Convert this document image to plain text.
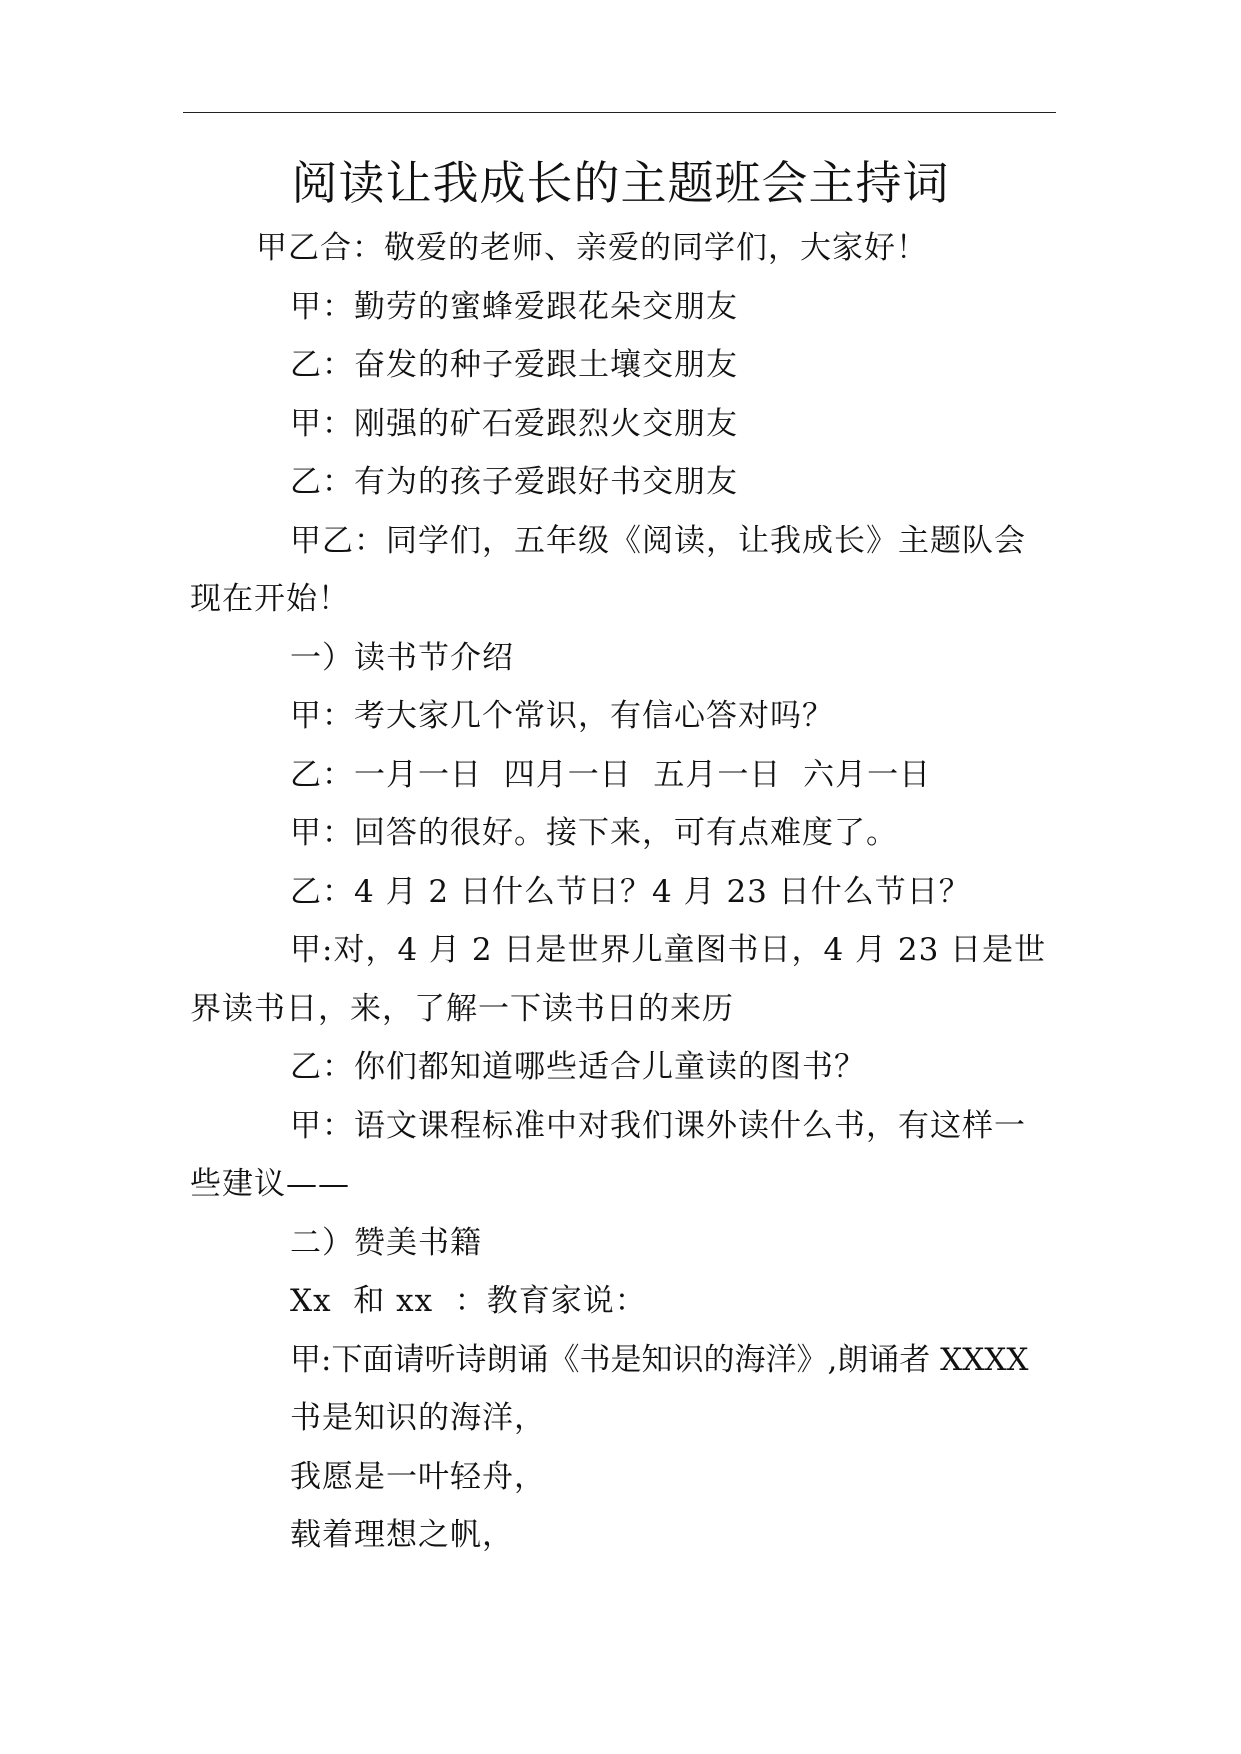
阅读让我成长的主题班会主持词

甲乙合：敬爱的老师、亲爱的同学们，大家好！

甲：勤劳的蜜蜂爱跟花朵交朋友

乙：奋发的种子爱跟土壤交朋友

甲：刚强的矿石爱跟烈火交朋友

乙：有为的孩子爱跟好书交朋友

甲乙：同学们，五年级《阅读，让我成长》主题队会

现在开始！

一）读书节介绍

甲：考大家几个常识，有信心答对吗？

乙：一月一日  四月一日  五月一日  六月一日

甲：回答的很好。接下来，可有点难度了。

乙：4 月 2 日什么节日？4 月 23 日什么节日？

甲:对，4 月 2 日是世界儿童图书日，4 月 23 日是世

界读书日，来，了解一下读书日的来历

乙：你们都知道哪些适合儿童读的图书？

甲：语文课程标准中对我们课外读什么书，有这样一

些建议——

二）赞美书籍

Xx  和 xx  ：教育家说：

甲:下面请听诗朗诵《书是知识的海洋》,朗诵者 XXXX

书是知识的海洋，

我愿是一叶轻舟，

载着理想之帆，
